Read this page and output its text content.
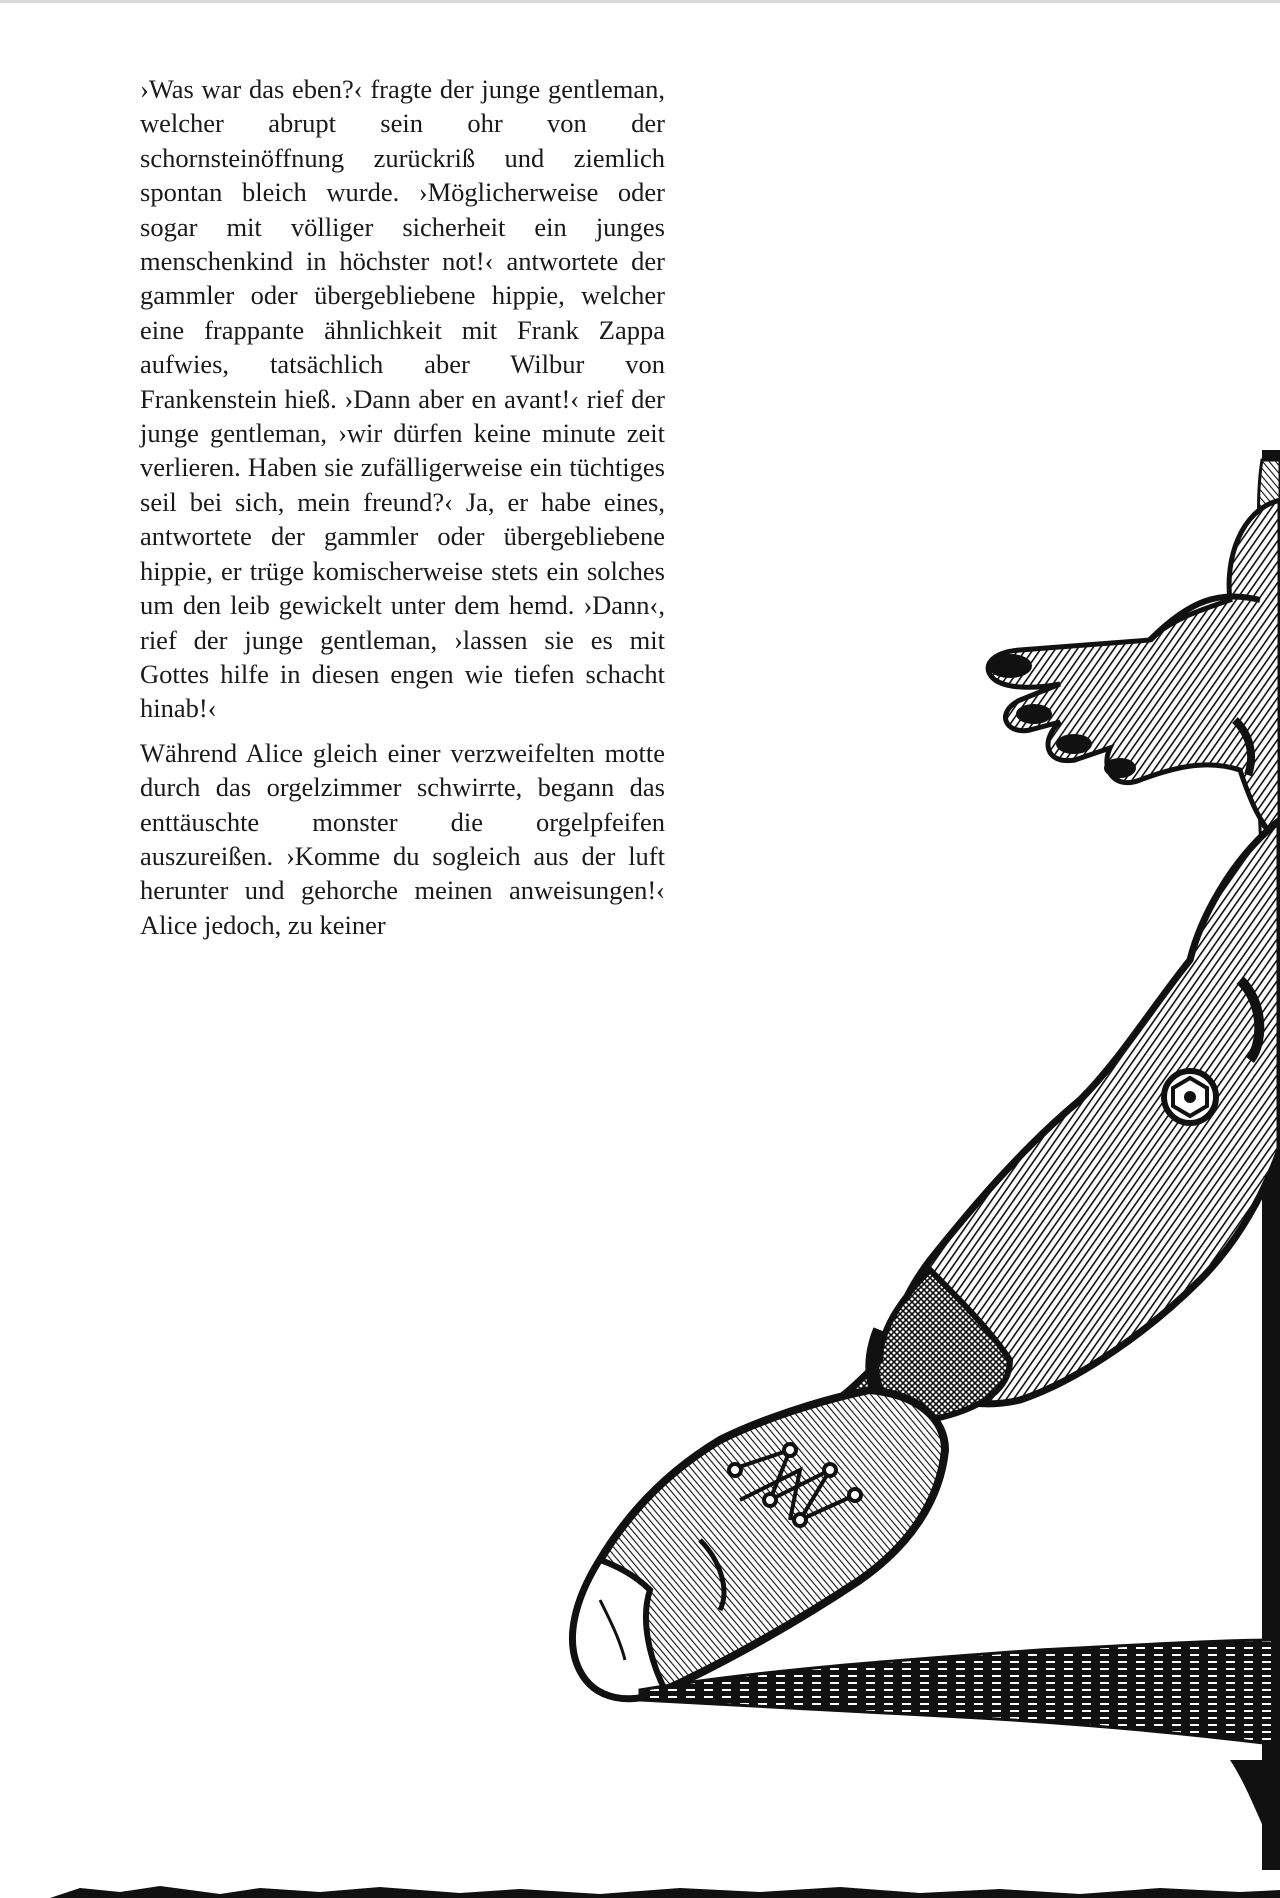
›Was war das eben?‹ fragte der junge gentleman, welcher abrupt sein ohr von der schornsteinöffnung zurückriß und ziemlich spontan bleich wurde. ›Möglicherweise oder sogar mit völliger sicherheit ein junges menschenkind in höchster not!‹ antwortete der gammler oder übergebliebene hippie, welcher eine frappante ähnlichkeit mit Frank Zappa aufwies, tatsächlich aber Wilbur von Frankenstein hieß. ›Dann aber en avant!‹ rief der junge gentleman, ›wir dürfen keine minute zeit verlieren. Haben sie zufälligerweise ein tüchtiges seil bei sich, mein freund?‹ Ja, er habe eines, antwortete der gammler oder übergebliebene hippie, er trüge komischerweise stets ein solches um den leib gewickelt unter dem hemd. ›Dann‹, rief der junge gentleman, ›lassen sie es mit Gottes hilfe in diesen engen wie tiefen schacht hinab!‹

Während Alice gleich einer verzweifelten motte durch das orgelzimmer schwirrte, begann das enttäuschte monster die orgelpfeifen auszureißen. ›Komme du sogleich aus der luft herunter und gehorche meinen anweisungen!‹ Alice jedoch, zu keiner
